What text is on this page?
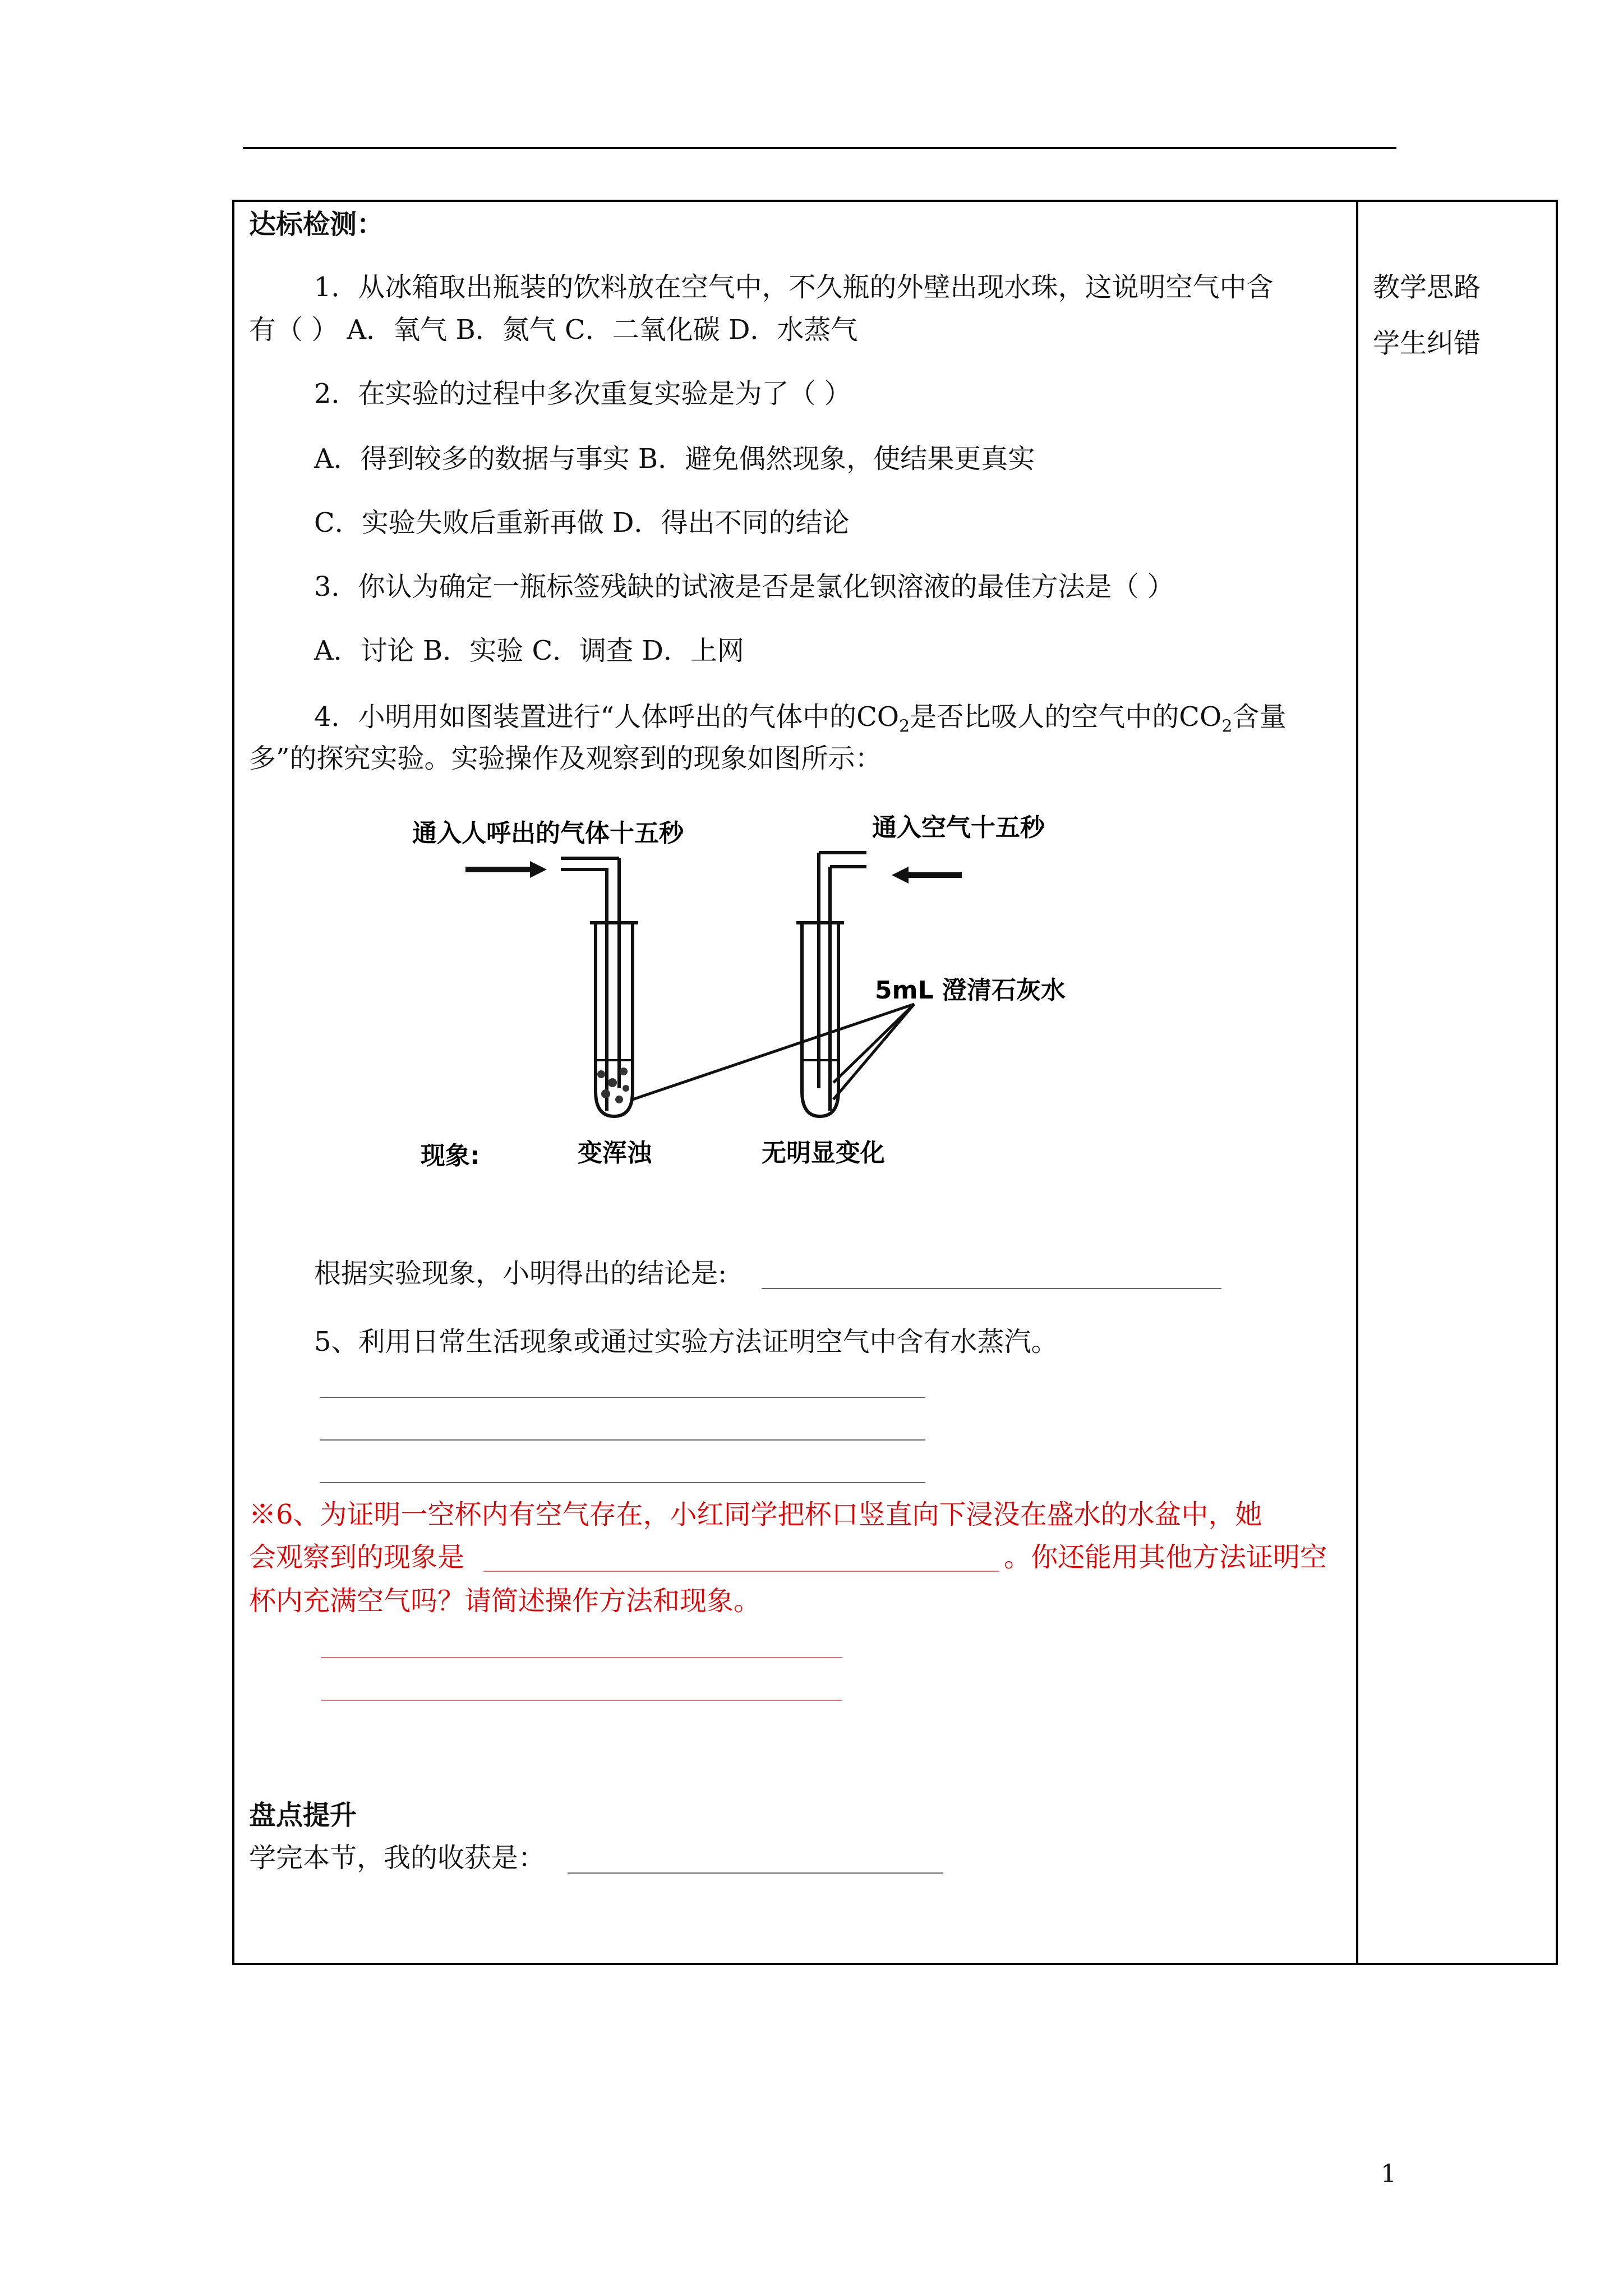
教学思路
学生纠错
达标检测：
1．从冰箱取出瓶装的饮料放在空气中，不久瓶的外壁出现水珠，这说明空气中含
有（ ） A．氧气 B．氮气 C．二氧化碳 D．水蒸气
2．在实验的过程中多次重复实验是为了（ ）
A．得到较多的数据与事实 B．避免偶然现象，使结果更真实
C．实验失败后重新再做 D．得出不同的结论
3．你认为确定一瓶标签残缺的试液是否是氯化钡溶液的最佳方法是（ ）
A．讨论 B．实验 C．调查 D．上网
4．小明用如图装置进行“人体呼出的气体中的$CO_2$是否比吸人的空气中的$CO_2$含量
多”的探究实验。实验操作及观察到的现象如图所示：
通入人呼出的气体十五秒	通入空气十五秒
5mL 澄清石灰水
现象:	变浑浊	无明显变化
根据实验现象，小明得出的结论是:
5、利用日常生活现象或通过实验方法证明空气中含有水蒸汽。
※6、为证明一空杯内有空气存在，小红同学把杯口竖直向下浸没在盛水的水盆中，她
会观察到的现象是	。你还能用其他方法证明空
杯内充满空气吗？请简述操作方法和现象。
盘点提升
学完本节，我的收获是：
1
